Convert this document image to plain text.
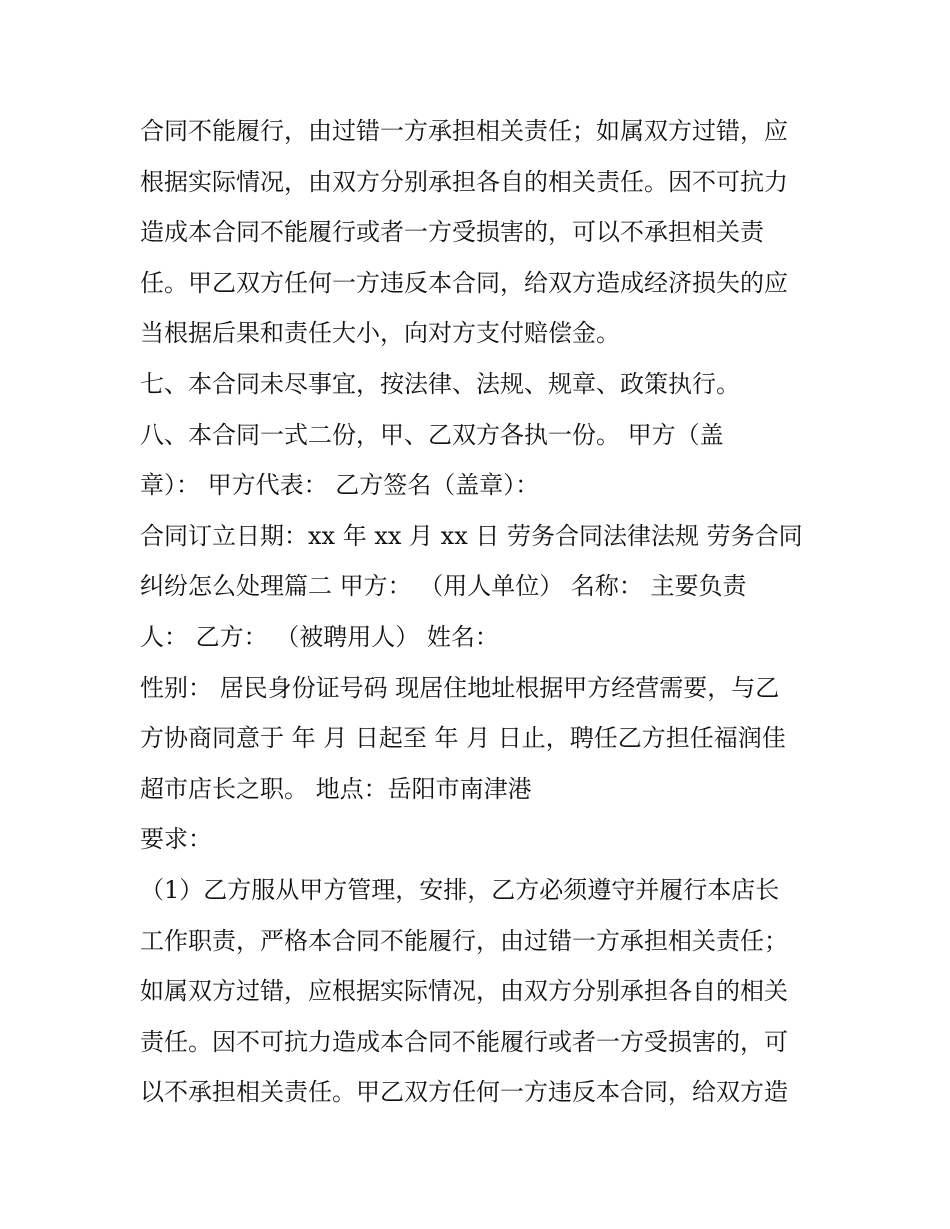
合同不能履行，由过错一方承担相关责任；如属双方过错，应
根据实际情况，由双方分别承担各自的相关责任。因不可抗力
造成本合同不能履行或者一方受损害的，可以不承担相关责
任。甲乙双方任何一方违反本合同，给双方造成经济损失的应
当根据后果和责任大小，向对方支付赔偿金。
七、本合同未尽事宜，按法律、法规、规章、政策执行。
八、本合同一式二份，甲、乙双方各执一份。 甲方（盖
章）： 甲方代表： 乙方签名（盖章）：
合同订立日期：xx 年 xx 月 xx 日 劳务合同法律法规 劳务合同
纠纷怎么处理篇二 甲方： （用人单位） 名称： 主要负责
人： 乙方： （被聘用人） 姓名：
性别： 居民身份证号码 现居住地址根据甲方经营需要，与乙
方协商同意于 年 月 日起至 年 月 日止，聘任乙方担任福润佳
超市店长之职。 地点：岳阳市南津港
要求：
（1）乙方服从甲方管理，安排，乙方必须遵守并履行本店长
工作职责，严格本合同不能履行，由过错一方承担相关责任；
如属双方过错，应根据实际情况，由双方分别承担各自的相关
责任。因不可抗力造成本合同不能履行或者一方受损害的，可
以不承担相关责任。甲乙双方任何一方违反本合同，给双方造
